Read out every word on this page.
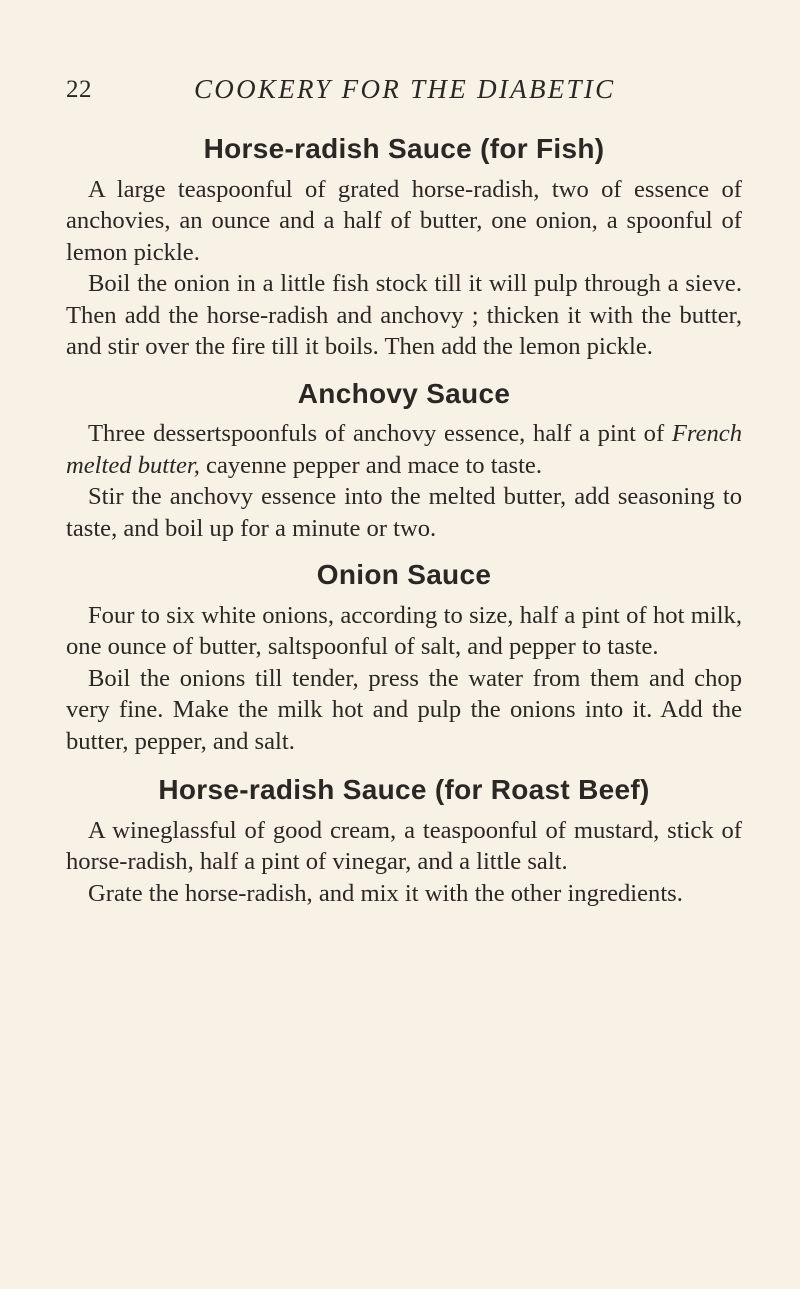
22	COOKERY FOR THE DIABETIC
Horse-radish Sauce (for Fish)

A large teaspoonful of grated horse-radish, two of essence of anchovies, an ounce and a half of butter, one onion, a spoonful of lemon pickle.

Boil the onion in a little fish stock till it will pulp through a sieve. Then add the horse-radish and anchovy ; thicken it with the butter, and stir over the fire till it boils. Then add the lemon pickle.

Anchovy Sauce

Three dessertspoonfuls of anchovy essence, half a pint of French melted butter, cayenne pepper and mace to taste.

Stir the anchovy essence into the melted butter, add seasoning to taste, and boil up for a minute or two.

Onion Sauce

Four to six white onions, according to size, half a pint of hot milk, one ounce of butter, saltspoonful of salt, and pepper to taste.

Boil the onions till tender, press the water from them and chop very fine. Make the milk hot and pulp the onions into it. Add the butter, pepper, and salt.

Horse-radish Sauce (for Roast Beef)

A wineglassful of good cream, a teaspoonful of mustard, stick of horse-radish, half a pint of vinegar, and a little salt.

Grate the horse-radish, and mix it with the other ingredients.
